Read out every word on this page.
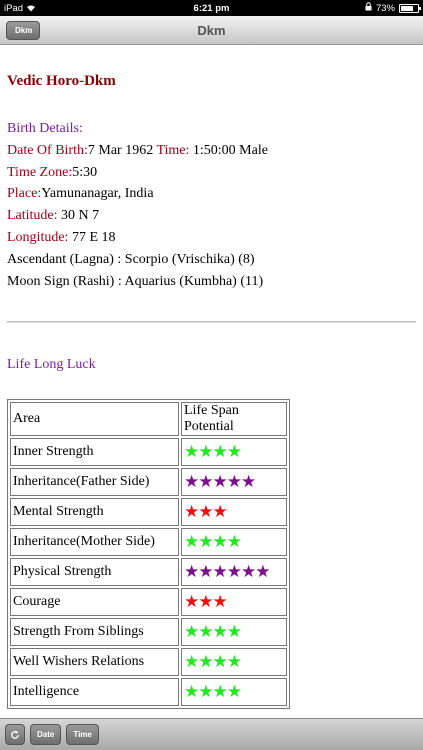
iPad	6:21 pm	73%
Dkm	Dkm
Vedic Horo-Dkm
Birth Details:
Date Of Birth:7 Mar 1962 Time: 1:50:00 Male
Time Zone:5:30
Place:Yamunanagar, India
Latitude: 30 N 7
Longitude: 77 E 18
Ascendant (Lagna) : Scorpio (Vrischika) (8)
Moon Sign (Rashi) : Aquarius (Kumbha) (11)
Life Long Luck
Area	Life Span Potential
Inner Strength	★★★★
Inheritance(Father Side)	★★★★★
Mental Strength	★★★
Inheritance(Mother Side)	★★★★
Physical Strength	★★★★★★
Courage	★★★
Strength From Siblings	★★★★
Well Wishers Relations	★★★★
Intelligence	★★★★
Date	Time
